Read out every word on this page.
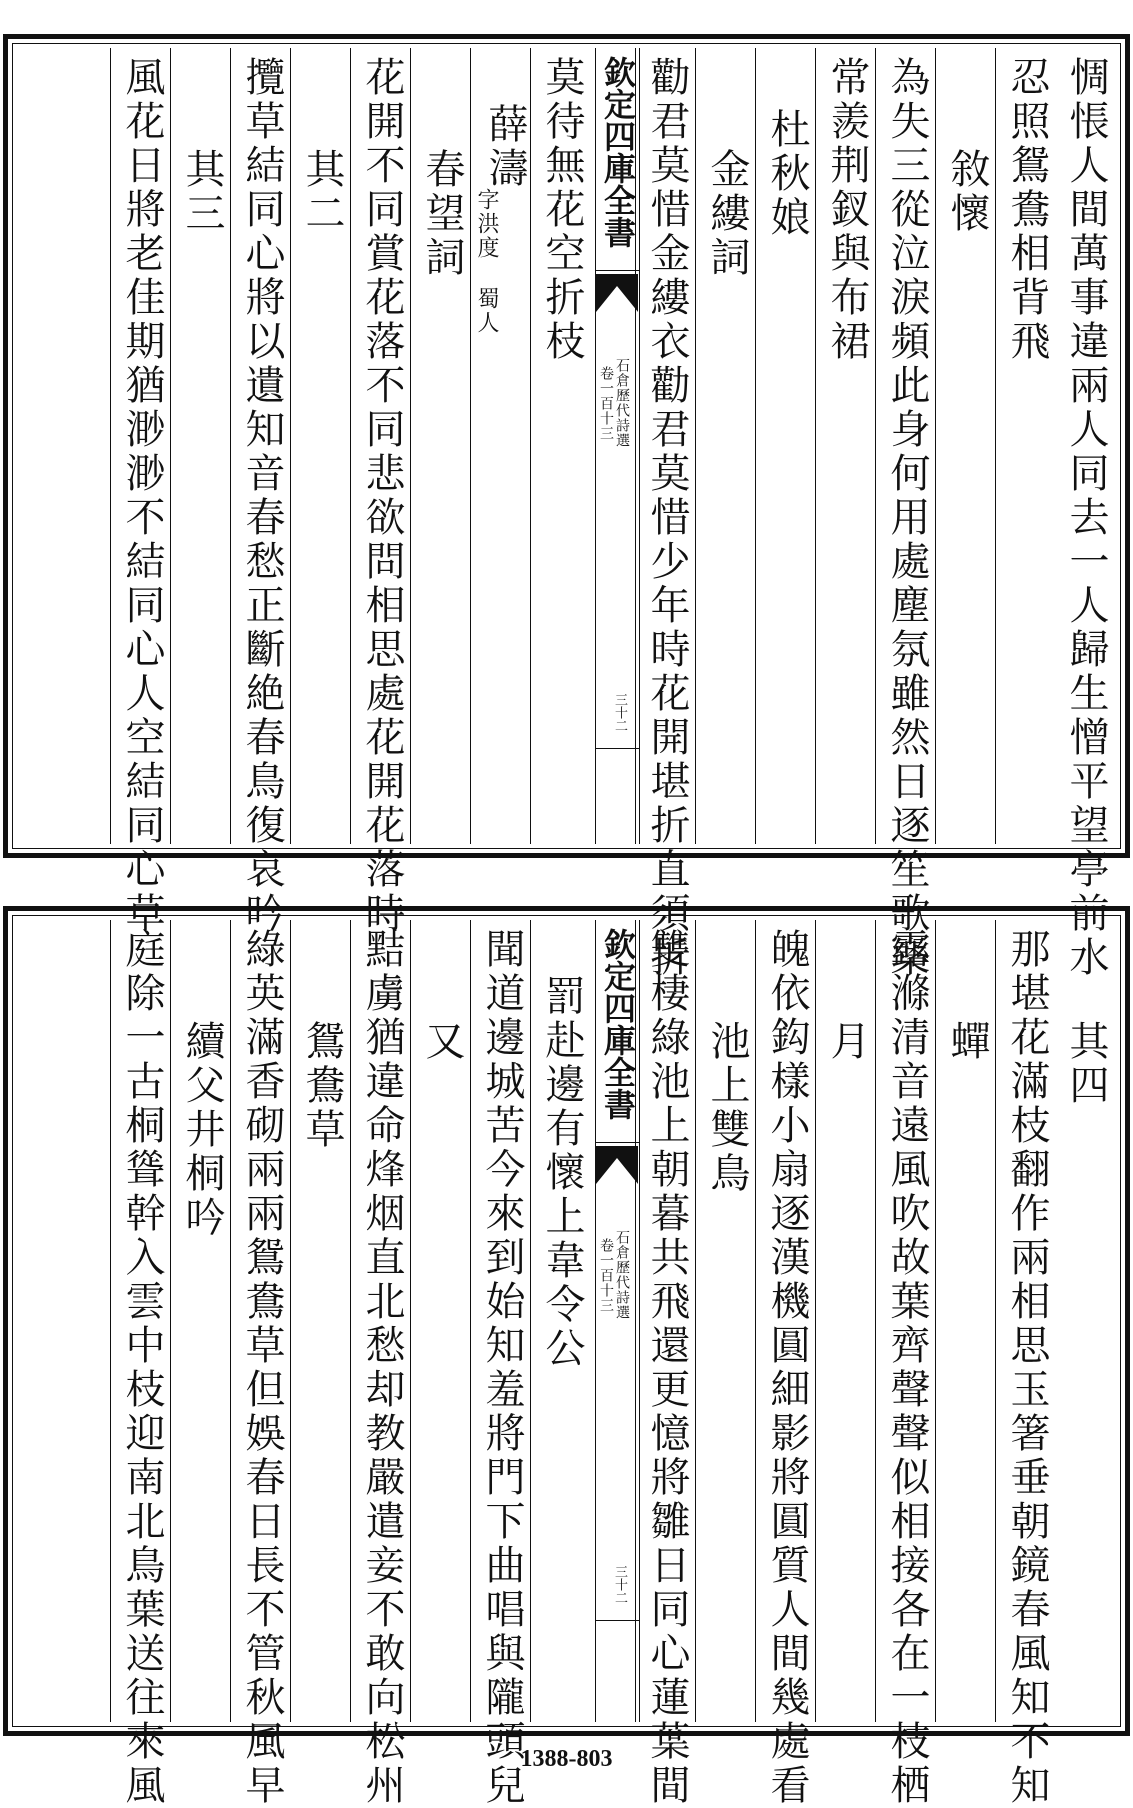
惆悵人間萬事違兩人同去一人歸生憎平望亭前水
忍照鴛鴦相背飛
敘懷
為失三從泣淚頻此身何用處塵氛雖然日逐笙歌樂
常羨荆釵與布裙
杜秋娘
金縷詞
勸君莫惜金縷衣勸君莫惜少年時花開堪折直須折
欽定四庫全書
石倉歷代詩選
卷一百十三
三十二
莫待無花空折枝
薛濤
字洪度 蜀人
春望詞
花開不同賞花落不同悲欲問相思處花開花落時
其二
攬草結同心將以遺知音春愁正斷絶春鳥復哀吟
其三
風花日將老佳期猶渺渺不結同心人空結同心草
其四
那堪花滿枝翻作兩相思玉箸垂朝鏡春風知不知
蟬
露滌清音遠風吹故葉齊聲聲似相接各在一枝栖
月
魄依鈎樣小扇逐漢機圓細影將圓質人間幾處看
池上雙鳥
雙棲綠池上朝暮共飛還更憶將雛日同心蓮葉間
欽定四庫全書
石倉歷代詩選
卷一百十三
三十二
罰赴邊有懷上韋令公
聞道邊城苦今來到始知羞將門下曲唱與隴頭兒
又
黠虜猶違命烽烟直北愁却教嚴遣妾不敢向松州
鴛鴦草
綠英滿香砌兩兩鴛鴦草但娛春日長不管秋風早
續父井桐吟
庭除一古桐聳幹入雲中枝迎南北鳥葉送往來風	1388-803
